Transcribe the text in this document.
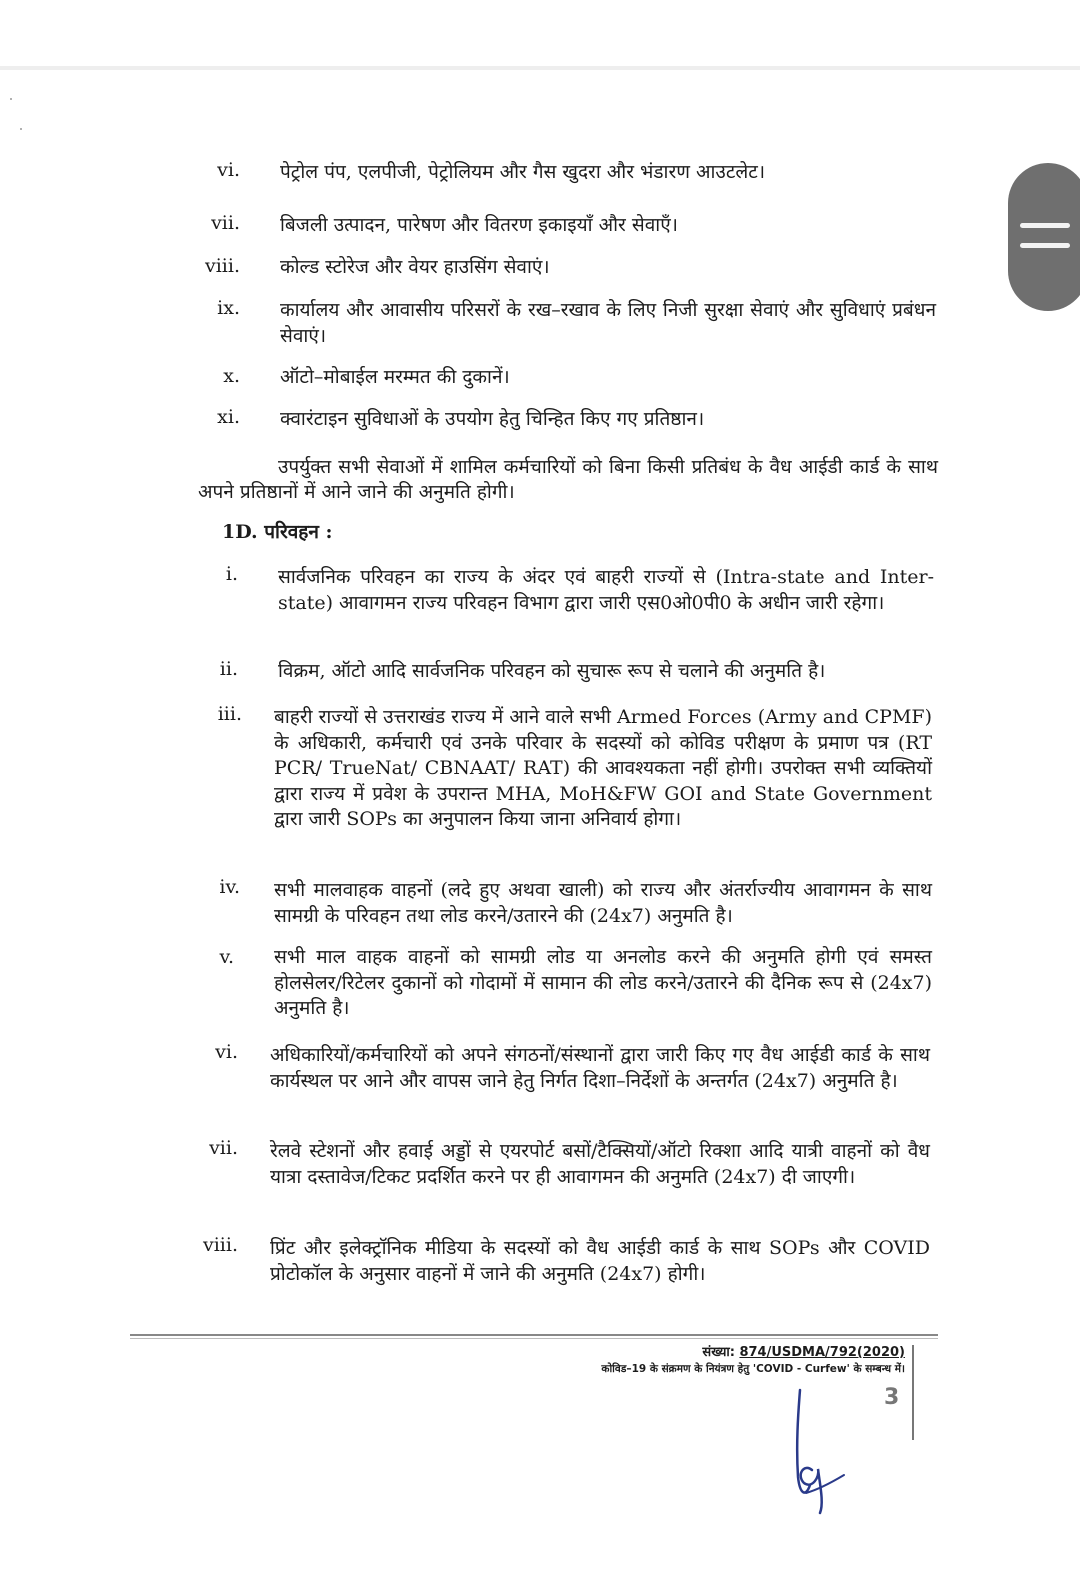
vi. पेट्रोल पंप, एलपीजी, पेट्रोलियम और गैस खुदरा और भंडारण आउटलेट।
vii. बिजली उत्पादन, पारेषण और वितरण इकाइयाँ और सेवाएँ।
viii. कोल्ड स्टोरेज और वेयर हाउसिंग सेवाएं।
ix. कार्यालय और आवासीय परिसरों के रख–रखाव के लिए निजी सुरक्षा सेवाएं और सुविधाएं प्रबंधन सेवाएं।
x. ऑटो–मोबाईल मरम्मत की दुकानें।
xi. क्वारंटाइन सुविधाओं के उपयोग हेतु चिन्हित किए गए प्रतिष्ठान।
उपर्युक्त सभी सेवाओं में शामिल कर्मचारियों को बिना किसी प्रतिबंध के वैध आईडी कार्ड के साथ अपने प्रतिष्ठानों में आने जाने की अनुमति होगी।
1D. परिवहन :
i. सार्वजनिक परिवहन का राज्य के अंदर एवं बाहरी राज्यों से (Intra-state and Inter-state) आवागमन राज्य परिवहन विभाग द्वारा जारी एस0ओ0पी0 के अधीन जारी रहेगा।
ii. विक्रम, ऑटो आदि सार्वजनिक परिवहन को सुचारू रूप से चलाने की अनुमति है।
iii. बाहरी राज्यों से उत्तराखंड राज्य में आने वाले सभी Armed Forces (Army and CPMF) के अधिकारी, कर्मचारी एवं उनके परिवार के सदस्यों को कोविड परीक्षण के प्रमाण पत्र (RT PCR/ TrueNat/ CBNAAT/ RAT) की आवश्यकता नहीं होगी। उपरोक्त सभी व्यक्तियों द्वारा राज्य में प्रवेश के उपरान्त MHA, MoH&FW GOI and State Government द्वारा जारी SOPs का अनुपालन किया जाना अनिवार्य होगा।
iv. सभी मालवाहक वाहनों (लदे हुए अथवा खाली) को राज्य और अंतर्राज्यीय आवागमन के साथ सामग्री के परिवहन तथा लोड करने/उतारने की (24x7) अनुमति है।
v. सभी माल वाहक वाहनों को सामग्री लोड या अनलोड करने की अनुमति होगी एवं समस्त होलसेलर/रिटेलर दुकानों को गोदामों में सामान की लोड करने/उतारने की दैनिक रूप से (24x7) अनुमति है।
vi. अधिकारियों/कर्मचारियों को अपने संगठनों/संस्थानों द्वारा जारी किए गए वैध आईडी कार्ड के साथ कार्यस्थल पर आने और वापस जाने हेतु निर्गत दिशा–निर्देशों के अन्तर्गत (24x7) अनुमति है।
vii. रेलवे स्टेशनों और हवाई अड्डों से एयरपोर्ट बसों/टैक्सियों/ऑटो रिक्शा आदि यात्री वाहनों को वैध यात्रा दस्तावेज/टिकट प्रदर्शित करने पर ही आवागमन की अनुमति (24x7) दी जाएगी।
viii. प्रिंट और इलेक्ट्रॉनिक मीडिया के सदस्यों को वैध आईडी कार्ड के साथ SOPs और COVID प्रोटोकॉल के अनुसार वाहनों में जाने की अनुमति (24x7) होगी।
संख्या: 874/USDMA/792(2020)
कोविड–19 के संक्रमण के नियंत्रण हेतु 'COVID - Curfew' के सम्बन्ध में।
3
